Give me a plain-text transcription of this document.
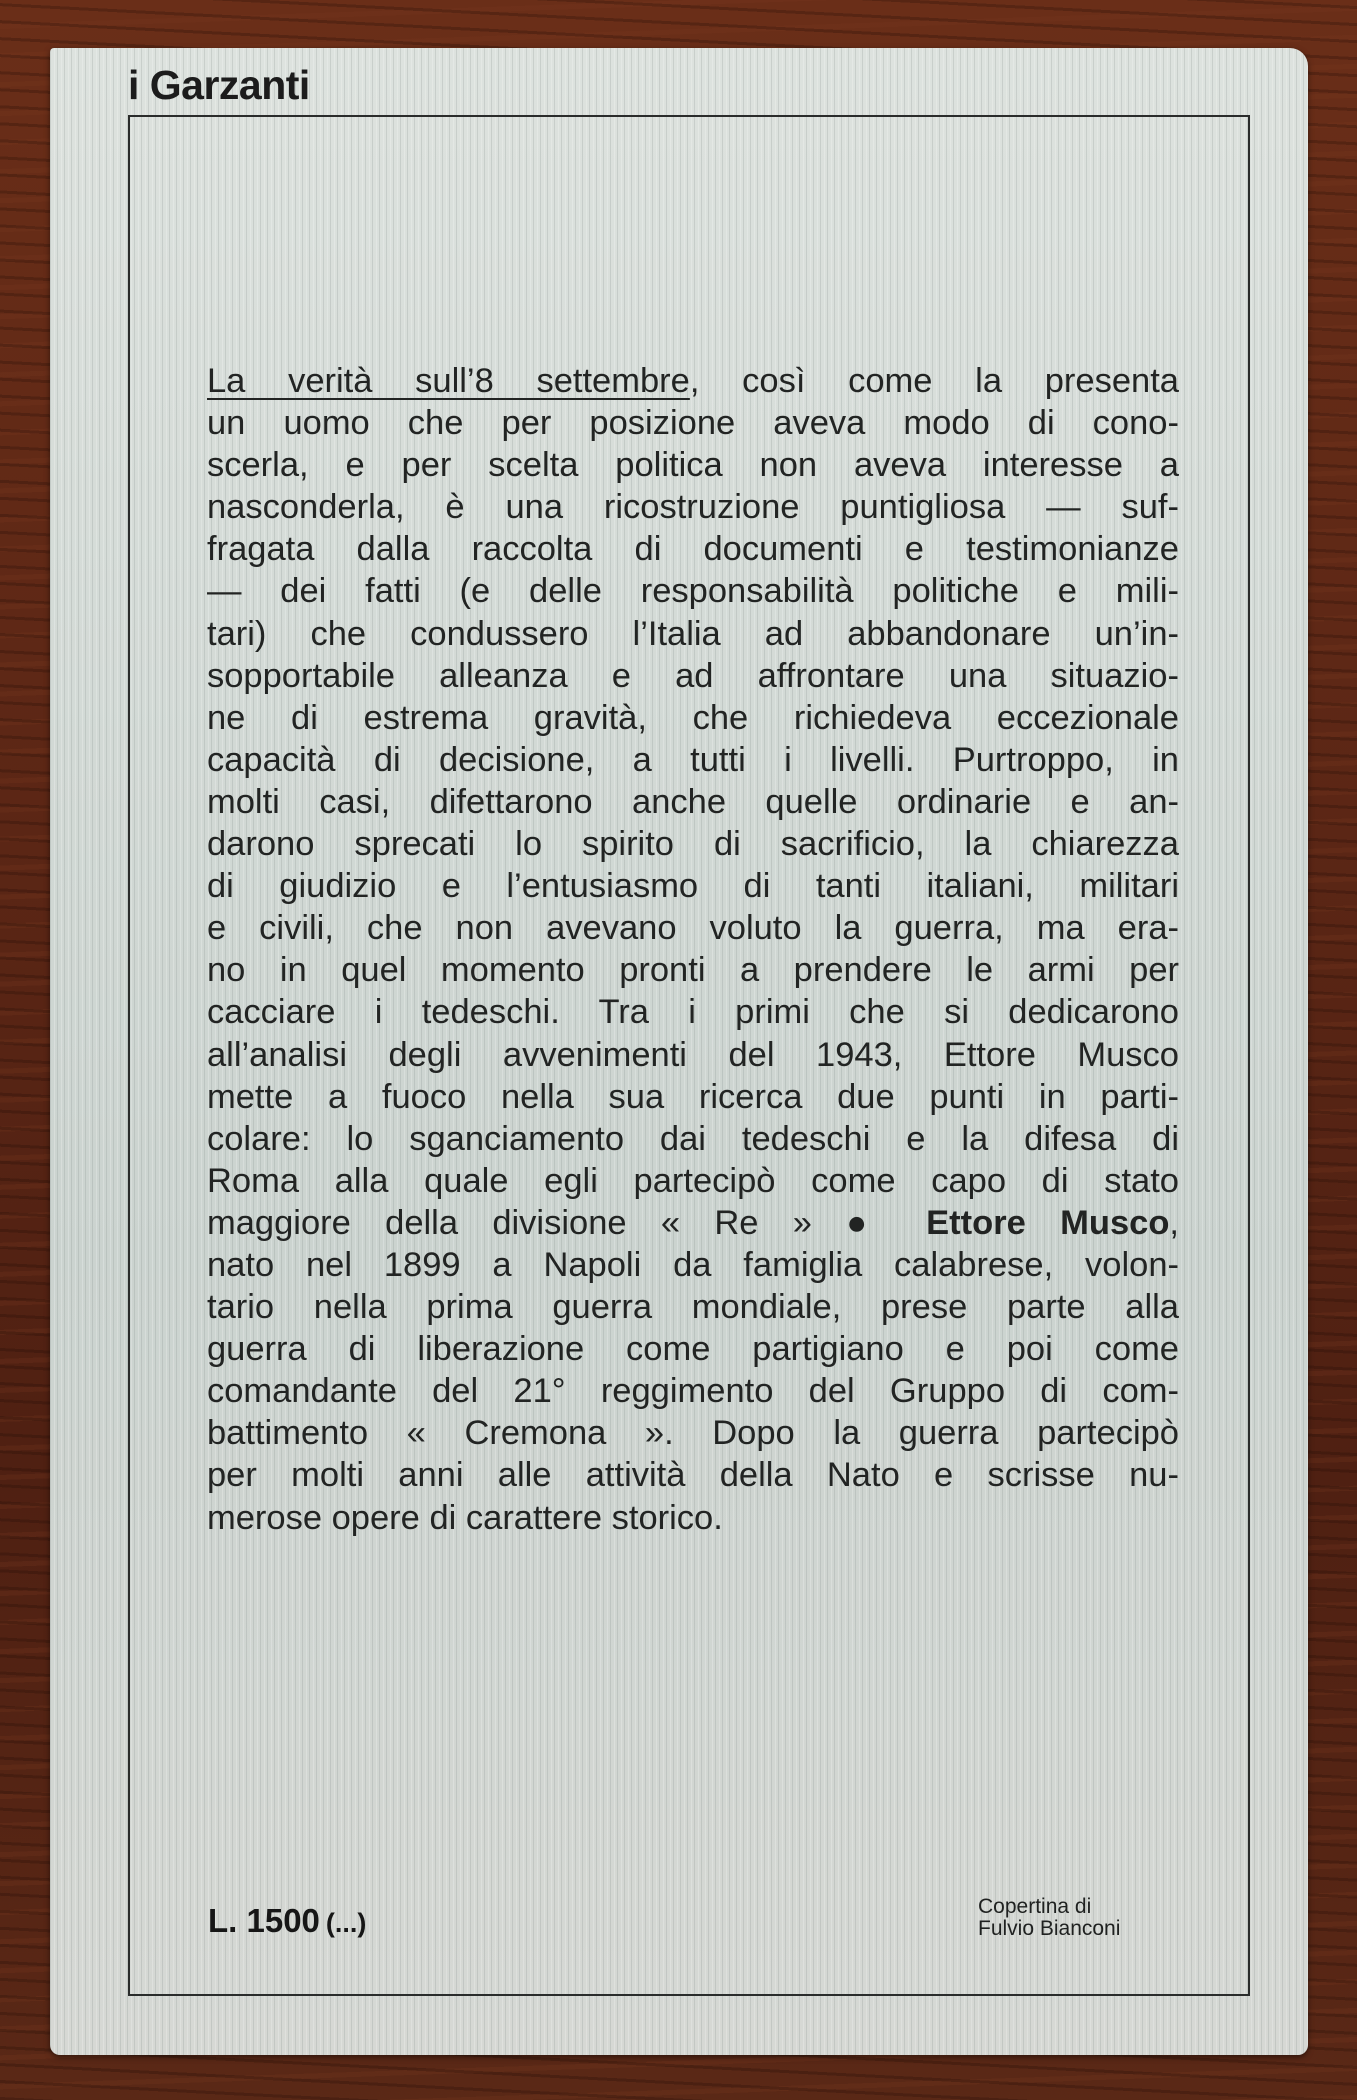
i Garzanti
La verità sull’8 settembre, così come la presenta
un uomo che per posizione aveva modo di cono-
scerla, e per scelta politica non aveva interesse a
nasconderla, è una ricostruzione puntigliosa — suf-
fragata dalla raccolta di documenti e testimonianze
— dei fatti (e delle responsabilità politiche e mili-
tari) che condussero l’Italia ad abbandonare un’in-
sopportabile alleanza e ad affrontare una situazio-
ne di estrema gravità, che richiedeva eccezionale
capacità di decisione, a tutti i livelli. Purtroppo, in
molti casi, difettarono anche quelle ordinarie e an-
darono sprecati lo spirito di sacrificio, la chiarezza
di giudizio e l’entusiasmo di tanti italiani, militari
e civili, che non avevano voluto la guerra, ma era-
no in quel momento pronti a prendere le armi per
cacciare i tedeschi. Tra i primi che si dedicarono
all’analisi degli avvenimenti del 1943, Ettore Musco
mette a fuoco nella sua ricerca due punti in parti-
colare: lo sganciamento dai tedeschi e la difesa di
Roma alla quale egli partecipò come capo di stato
maggiore della divisione « Re » ● Ettore Musco,
nato nel 1899 a Napoli da famiglia calabrese, volon-
tario nella prima guerra mondiale, prese parte alla
guerra di liberazione come partigiano e poi come
comandante del 21° reggimento del Gruppo di com-
battimento « Cremona ». Dopo la guerra partecipò
per molti anni alle attività della Nato e scrisse nu-
merose opere di carattere storico.
L. 1500 (...)
Copertina di
Fulvio Bianconi
